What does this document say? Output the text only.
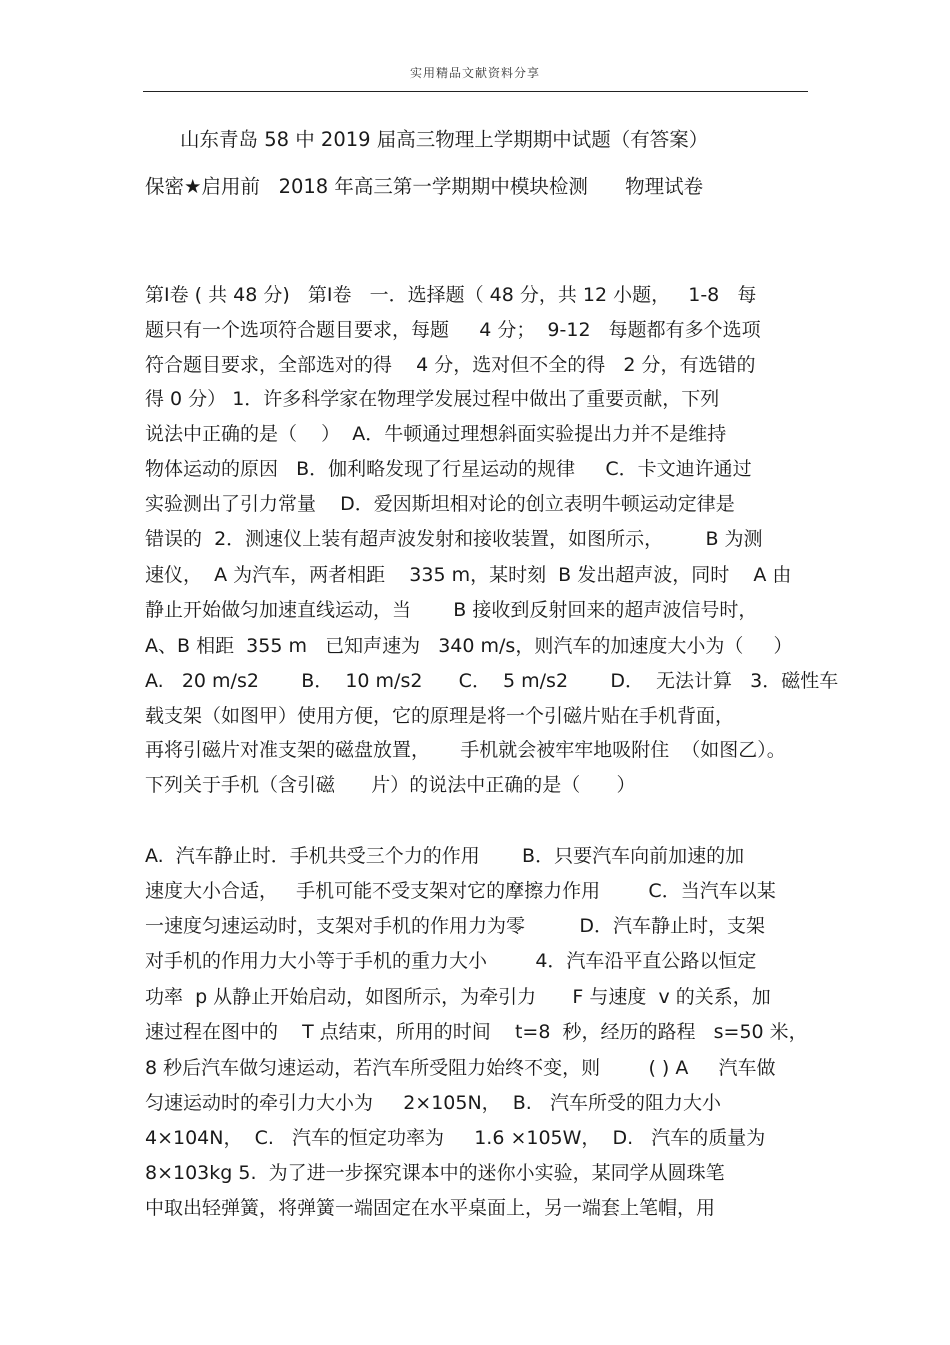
实用精品文献资料分享
山东青岛 58 中 2019 届高三物理上学期期中试题（有答案）
保密★启用前   2018 年高三第一学期期中模块检测      物理试卷
第Ⅰ卷 ( 共 48 分)   第Ⅰ卷   一．选择题（ 48 分，共 12 小题，   1-8   每
题只有一个选项符合题目要求，每题     4 分；  9-12   每题都有多个选项
符合题目要求，全部选对的得    4 分，选对但不全的得   2 分，有选错的
得 0 分） 1．许多科学家在物理学发展过程中做出了重要贡献，下列
说法中正确的是（    ）  A．牛顿通过理想斜面实验提出力并不是维持
物体运动的原因   B．伽利略发现了行星运动的规律     C．卡文迪许通过
实验测出了引力常量    D．爱因斯坦相对论的创立表明牛顿运动定律是
错误的  2．测速仪上装有超声波发射和接收装置，如图所示，       B 为测
速仪，  A 为汽车，两者相距    335 m，某时刻  B 发出超声波，同时    A 由
静止开始做匀加速直线运动，当       B 接收到反射回来的超声波信号时，
A、B 相距  355 m   已知声速为   340 m/s，则汽车的加速度大小为（     ）
A.   20 m/s2       B．  10 m/s2      C．  5 m/s2       D．  无法计算   3．磁性车
载支架（如图甲）使用方便，它的原理是将一个引磁片贴在手机背面，
再将引磁片对准支架的磁盘放置，     手机就会被牢牢地吸附住  （如图乙）。
下列关于手机（含引磁      片）的说法中正确的是（      ）
A.  汽车静止时．手机共受三个力的作用       B．只要汽车向前加速的加
速度大小合适，   手机可能不受支架对它的摩擦力作用        C．当汽车以某
一速度匀速运动时，支架对手机的作用力为零         D．汽车静止时，支架
对手机的作用力大小等于手机的重力大小        4．汽车沿平直公路以恒定
功率  p 从静止开始启动，如图所示，为牵引力      F 与速度  v 的关系，加
速过程在图中的    T 点结束，所用的时间    t=8  秒，经历的路程   s=50 米，
8 秒后汽车做匀速运动，若汽车所受阻力始终不变，则        ( ) A     汽车做
匀速运动时的牵引力大小为     2×105N，  B.   汽车所受的阻力大小
4×104N，  C.   汽车的恒定功率为     1.6 ×105W，  D.   汽车的质量为
8×103kg 5.  为了进一步探究课本中的迷你小实验，某同学从圆珠笔
中取出轻弹簧，将弹簧一端固定在水平桌面上，另一端套上笔帽，用
